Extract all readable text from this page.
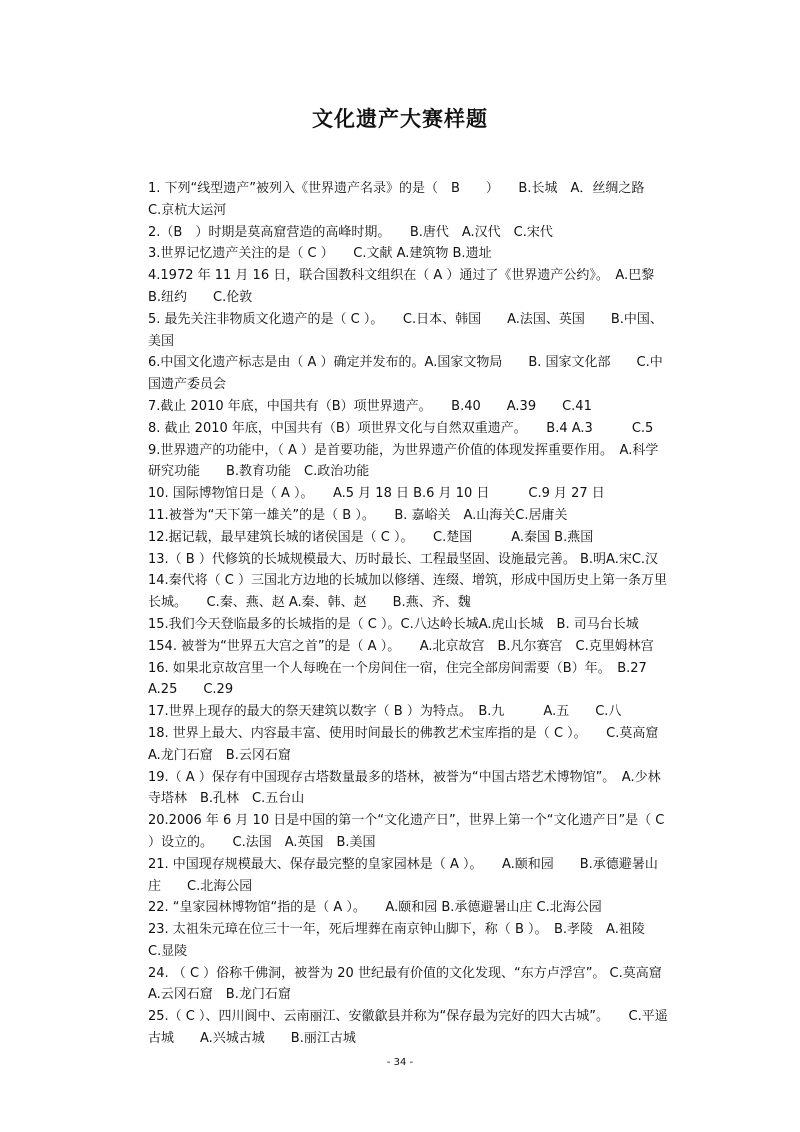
文化遗产大赛样题

1. 下列“线型遗产”被列入《世界遗产名录》的是（　B　　）　　B.长城　A．丝绸之路　　C.京杭大运河

2.（B　）时期是莫高窟营造的高峰时期。　　B.唐代　A.汉代　C.宋代

3.世界记忆遗产关注的是（ C ）　　C.文献 A.建筑物 B.遗址

4.1972 年 11 月 16 日，联合国教科文组织在（ A ）通过了《世界遗产公约》。　A.巴黎　B.纽约　　C.伦敦

5. 最先关注非物质文化遗产的是（ C ）。　　C.日本、韩国　　A.法国、英国　　B.中国、美国

6.中国文化遗产标志是由（ A ）确定并发布的。A.国家文物局　　B. 国家文化部　　C.中国遗产委员会

7.截止 2010 年底，中国共有（B）项世界遗产。　　B.40　　A.39　　C.41

8. 截止 2010 年底，中国共有（B）项世界文化与自然双重遗产。　　B.4 A.3　　　C.5

9.世界遗产的功能中，（ A ）是首要功能，为世界遗产价值的体现发挥重要作用。　A.科学研究功能　　B.教育功能　C.政治功能

10. 国际博物馆日是（ A ）。　　A.5 月 18 日 B.6 月 10 日　　　C.9 月 27 日

11.被誉为“天下第一雄关”的是（ B ）。　　B. 嘉峪关　A.山海关C.居庸关

12.据记载，最早建筑长城的诸侯国是（ C ）。　　C.楚国　　　A.秦国 B.燕国

13.（ B ）代修筑的长城规模最大、历时最长、工程最坚固、设施最完善。 B.明A.宋C.汉

14.秦代将（ C ）三国北方边地的长城加以修缮、连缀、增筑，形成中国历史上第一条万里长城。　　C.秦、燕、赵 A.秦、韩、赵　　B.燕、齐、魏

15.我们今天登临最多的长城指的是（ C ）。C.八达岭长城A.虎山长城　B. 司马台长城

154. 被誉为“世界五大宫之首”的是（ A ）。　　A.北京故宫　B.凡尔赛宫　C.克里姆林宫

16. 如果北京故宫里一个人每晚在一个房间住一宿，住完全部房间需要（B）年。　B.27　A.25　　C.29

17.世界上现存的最大的祭天建筑以数字（ B ）为特点。　B.九　　　A.五　　C.八

18. 世界上最大、内容最丰富、使用时间最长的佛教艺术宝库指的是（ C ）。　　C.莫高窟　A.龙门石窟　B.云冈石窟

19.（ A ）保存有中国现存古塔数量最多的塔林，被誉为“中国古塔艺术博物馆”。　A.少林寺塔林　B.孔林　C.五台山

20.2006 年 6 月 10 日是中国的第一个“文化遗产日”，世界上第一个“文化遗产日”是（ C ）设立的。　　C.法国　A.英国　B.美国

21. 中国现存规模最大、保存最完整的皇家园林是（ A ）。　　A.颐和园　　B.承德避暑山庄　　C.北海公园

22. “皇家园林博物馆“指的是（ A ）。　　A.颐和园 B.承德避暑山庄 C.北海公园

23. 太祖朱元璋在位三十一年，死后埋葬在南京钟山脚下，称（ B ）。　B.孝陵　A.祖陵　C.显陵

24. （ C ）俗称千佛洞，被誉为 20 世纪最有价值的文化发现、“东方卢浮宫”。 C.莫高窟　A.云冈石窟　B.龙门石窟

25.（ C ）、四川阆中、云南丽江、安徽歙县并称为“保存最为完好的四大古城”。　　C.平遥古城　　A.兴城古城　　B.丽江古城

- 34 -
